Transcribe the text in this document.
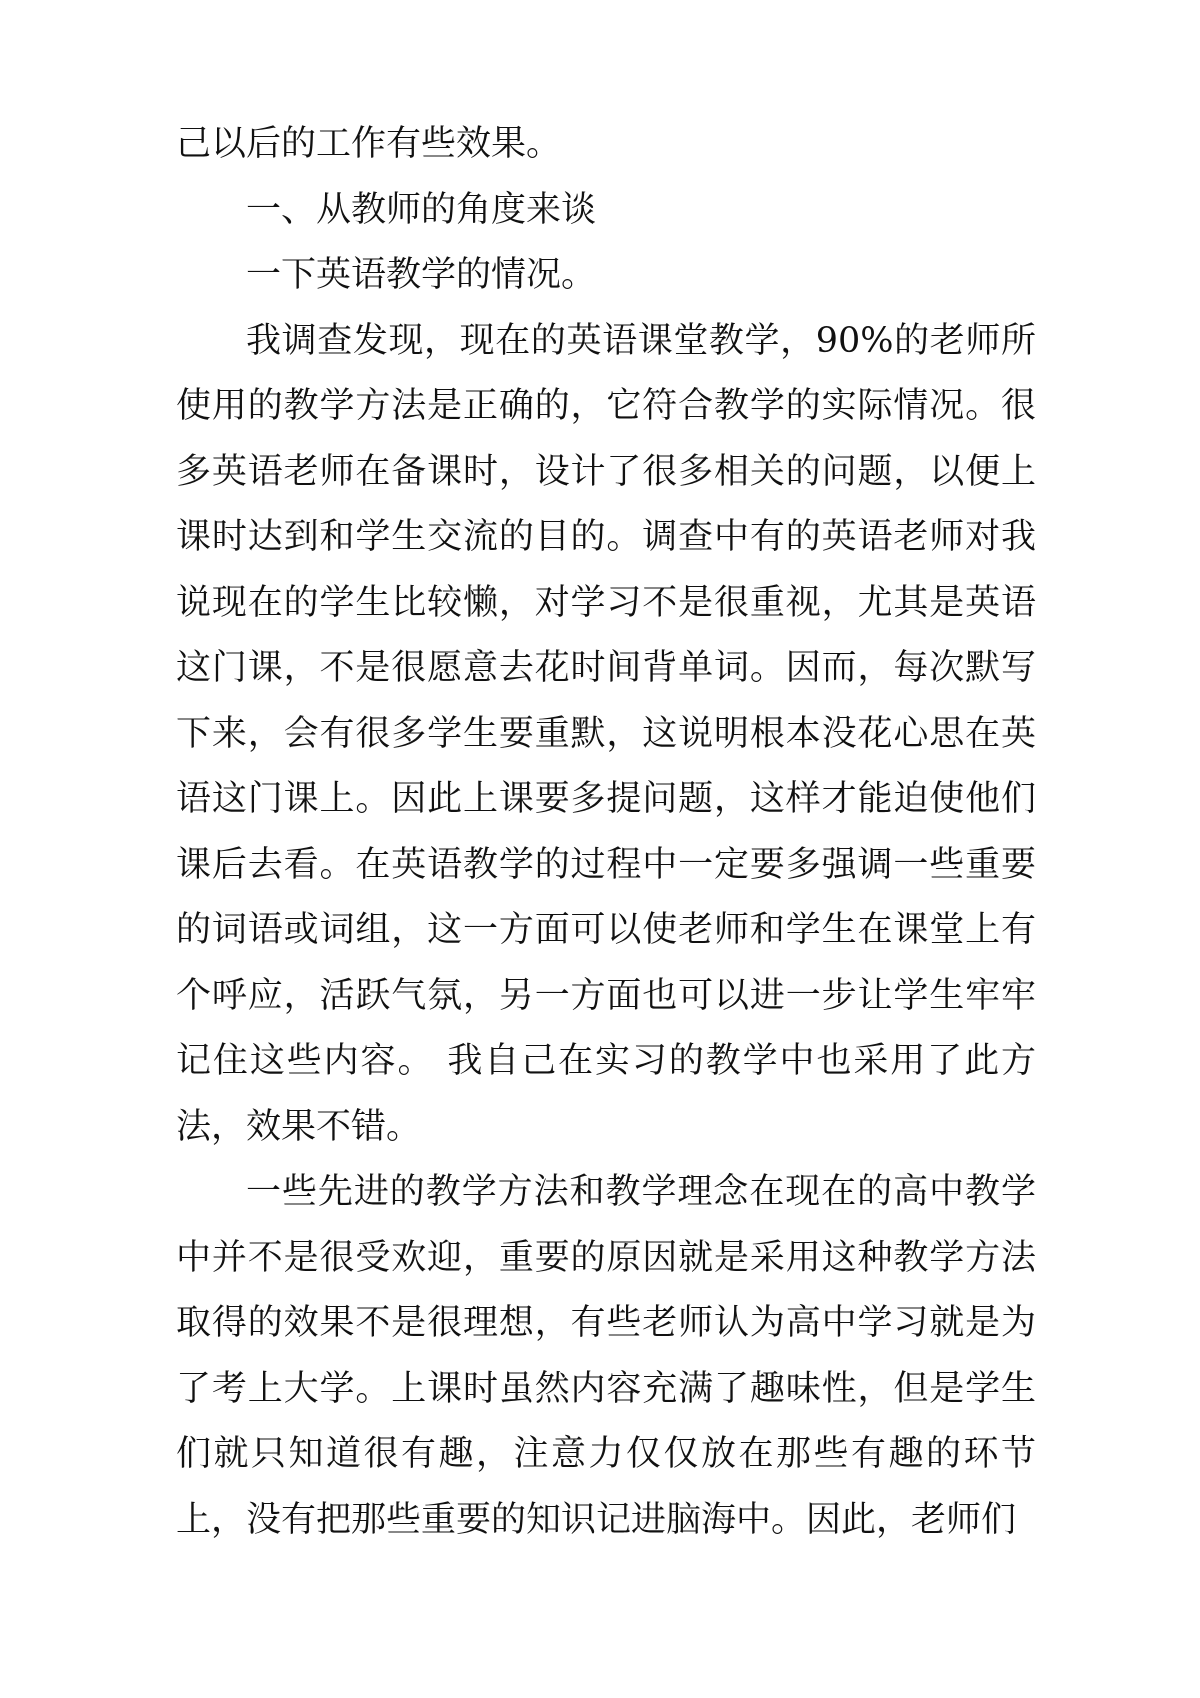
己以后的工作有些效果。

一、从教师的角度来谈

一下英语教学的情况。

我调查发现，现在的英语课堂教学，90%的老师所使用的教学方法是正确的，它符合教学的实际情况。很多英语老师在备课时，设计了很多相关的问题，以便上课时达到和学生交流的目的。调查中有的英语老师对我说现在的学生比较懒，对学习不是很重视，尤其是英语这门课，不是很愿意去花时间背单词。因而，每次默写下来，会有很多学生要重默，这说明根本没花心思在英语这门课上。因此上课要多提问题，这样才能迫使他们课后去看。在英语教学的过程中一定要多强调一些重要的词语或词组，这一方面可以使老师和学生在课堂上有个呼应，活跃气氛，另一方面也可以进一步让学生牢牢记住这些内容。 我自己在实习的教学中也采用了此方法，效果不错。

一些先进的教学方法和教学理念在现在的高中教学中并不是很受欢迎，重要的原因就是采用这种教学方法取得的效果不是很理想，有些老师认为高中学习就是为了考上大学。上课时虽然内容充满了趣味性，但是学生们就只知道很有趣，注意力仅仅放在那些有趣的环节上，没有把那些重要的知识记进脑海中。因此，老师们
